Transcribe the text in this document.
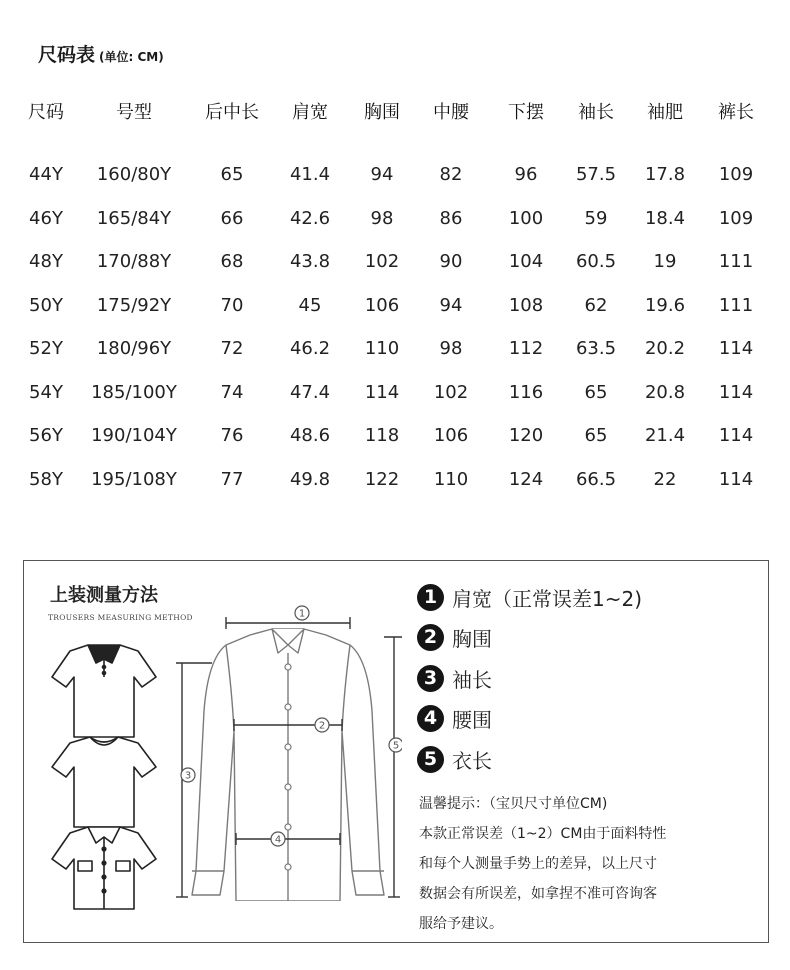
尺码表 (单位: CM)
尺码	号型	后中长 肩宽 胸围 中腰 下摆 袖长 袖肥 裤长
44Y 160/80Y	65	41.4 94	82	96 57.5 17.8 109
46Y 165/84Y	66	42.6 98	86	100 59 18.4 109
48Y 170/88Y	68	43.8 102 90	104 60.5 19 111
50Y 175/92Y	70	45 106 94	108 62 19.6 111
52Y 180/96Y	72	46.2 110 98	112 63.5 20.2 114
54Y 185/100Y 74	47.4 114 102 116 65 20.8 114
56Y 190/104Y 76	48.6 118 106 120 65 21.4 114
58Y 195/108Y 77	49.8 122 110 124 66.5 22 114
上装测量方法
TROUSERS MEASURING METHOD	1
2
3
4
5
1 肩宽（正常误差1~2)
2 胸围
3 袖长
4 腰围
5 衣长

温馨提示：（宝贝尺寸单位CM)

本款正常误差（1~2）CM由于面料特性

和每个人测量手势上的差异，以上尺寸

数据会有所误差，如拿捏不准可咨询客

服给予建议。
